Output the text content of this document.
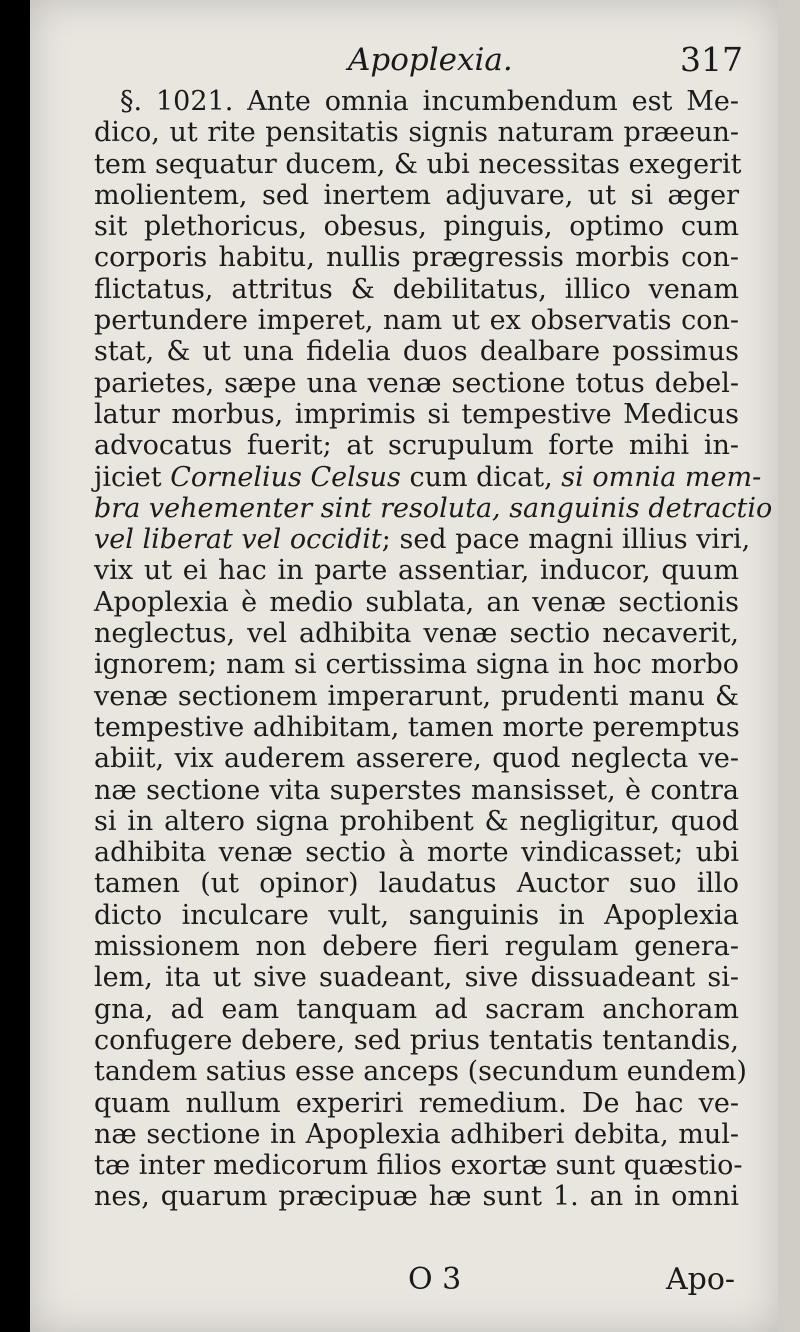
Apoplexia.	317
§. 1021. Ante omnia incumbendum est Me-
dico, ut rite pensitatis signis naturam præeun-
tem sequatur ducem, & ubi necessitas exegerit
molientem, sed inertem adjuvare, ut si æger
sit plethoricus, obesus, pinguis, optimo cum
corporis habitu, nullis prægressis morbis con-
flictatus, attritus & debilitatus, illico venam
pertundere imperet, nam ut ex observatis con-
stat, & ut una fidelia duos dealbare possimus
parietes, sæpe una venæ sectione totus debel-
latur morbus, imprimis si tempestive Medicus
advocatus fuerit; at scrupulum forte mihi in-
jiciet Cornelius Celsus cum dicat, si omnia mem-
bra vehementer sint resoluta, sanguinis detractio
vel liberat vel occidit; sed pace magni illius viri,
vix ut ei hac in parte assentiar, inducor, quum
Apoplexia è medio sublata, an venæ sectionis
neglectus, vel adhibita venæ sectio necaverit,
ignorem; nam si certissima signa in hoc morbo
venæ sectionem imperarunt, prudenti manu &
tempestive adhibitam, tamen morte peremptus
abiit, vix auderem asserere, quod neglecta ve-
næ sectione vita superstes mansisset, è contra
si in altero signa prohibent & negligitur, quod
adhibita venæ sectio à morte vindicasset; ubi
tamen (ut opinor) laudatus Auctor suo illo
dicto inculcare vult, sanguinis in Apoplexia
missionem non debere fieri regulam genera-
lem, ita ut sive suadeant, sive dissuadeant si-
gna, ad eam tanquam ad sacram anchoram
confugere debere, sed prius tentatis tentandis,
tandem satius esse anceps (secundum eundem)
quam nullum experiri remedium. De hac ve-
næ sectione in Apoplexia adhiberi debita, mul-
tæ inter medicorum filios exortæ sunt quæstio-
nes, quarum præcipuæ hæ sunt 1. an in omni
O 3	Apo-
